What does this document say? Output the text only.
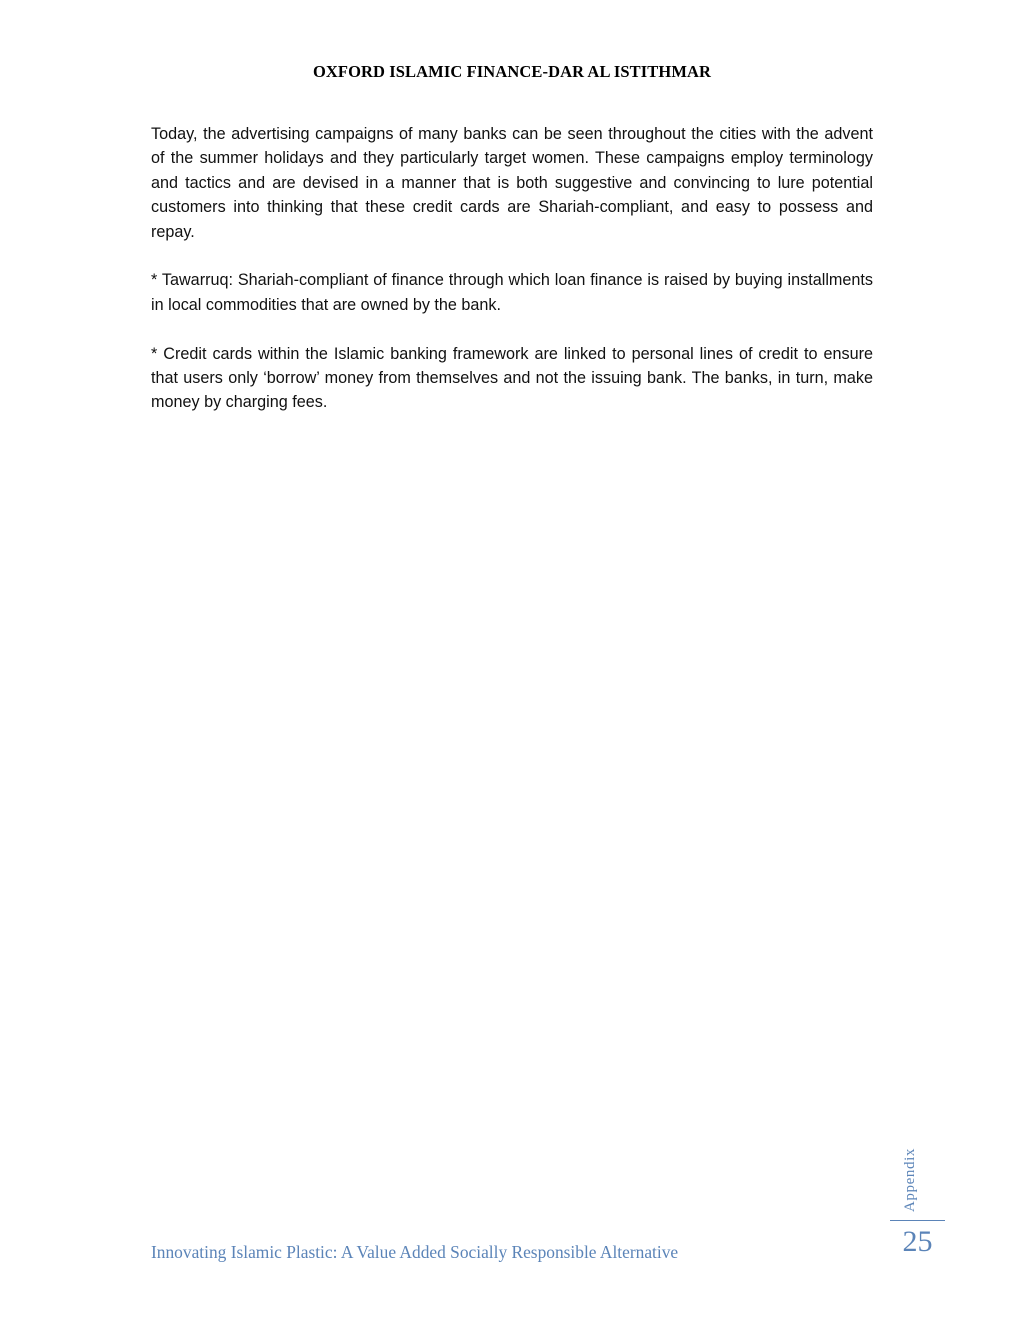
OXFORD ISLAMIC FINANCE-DAR AL ISTITHMAR

Today, the advertising campaigns of many banks can be seen throughout the cities with the advent of the summer holidays and they particularly target women. These campaigns employ terminology and tactics and are devised in a manner that is both suggestive and convincing to lure potential customers into thinking that these credit cards are Shariah-compliant, and easy to possess and repay.

* Tawarruq: Shariah-compliant of finance through which loan finance is raised by buying installments in local commodities that are owned by the bank.

* Credit cards within the Islamic banking framework are linked to personal lines of credit to ensure that users only ‘borrow’ money from themselves and not the issuing bank. The banks, in turn, make money by charging fees.

Innovating Islamic Plastic: A Value Added Socially Responsible Alternative
Appendix
25
